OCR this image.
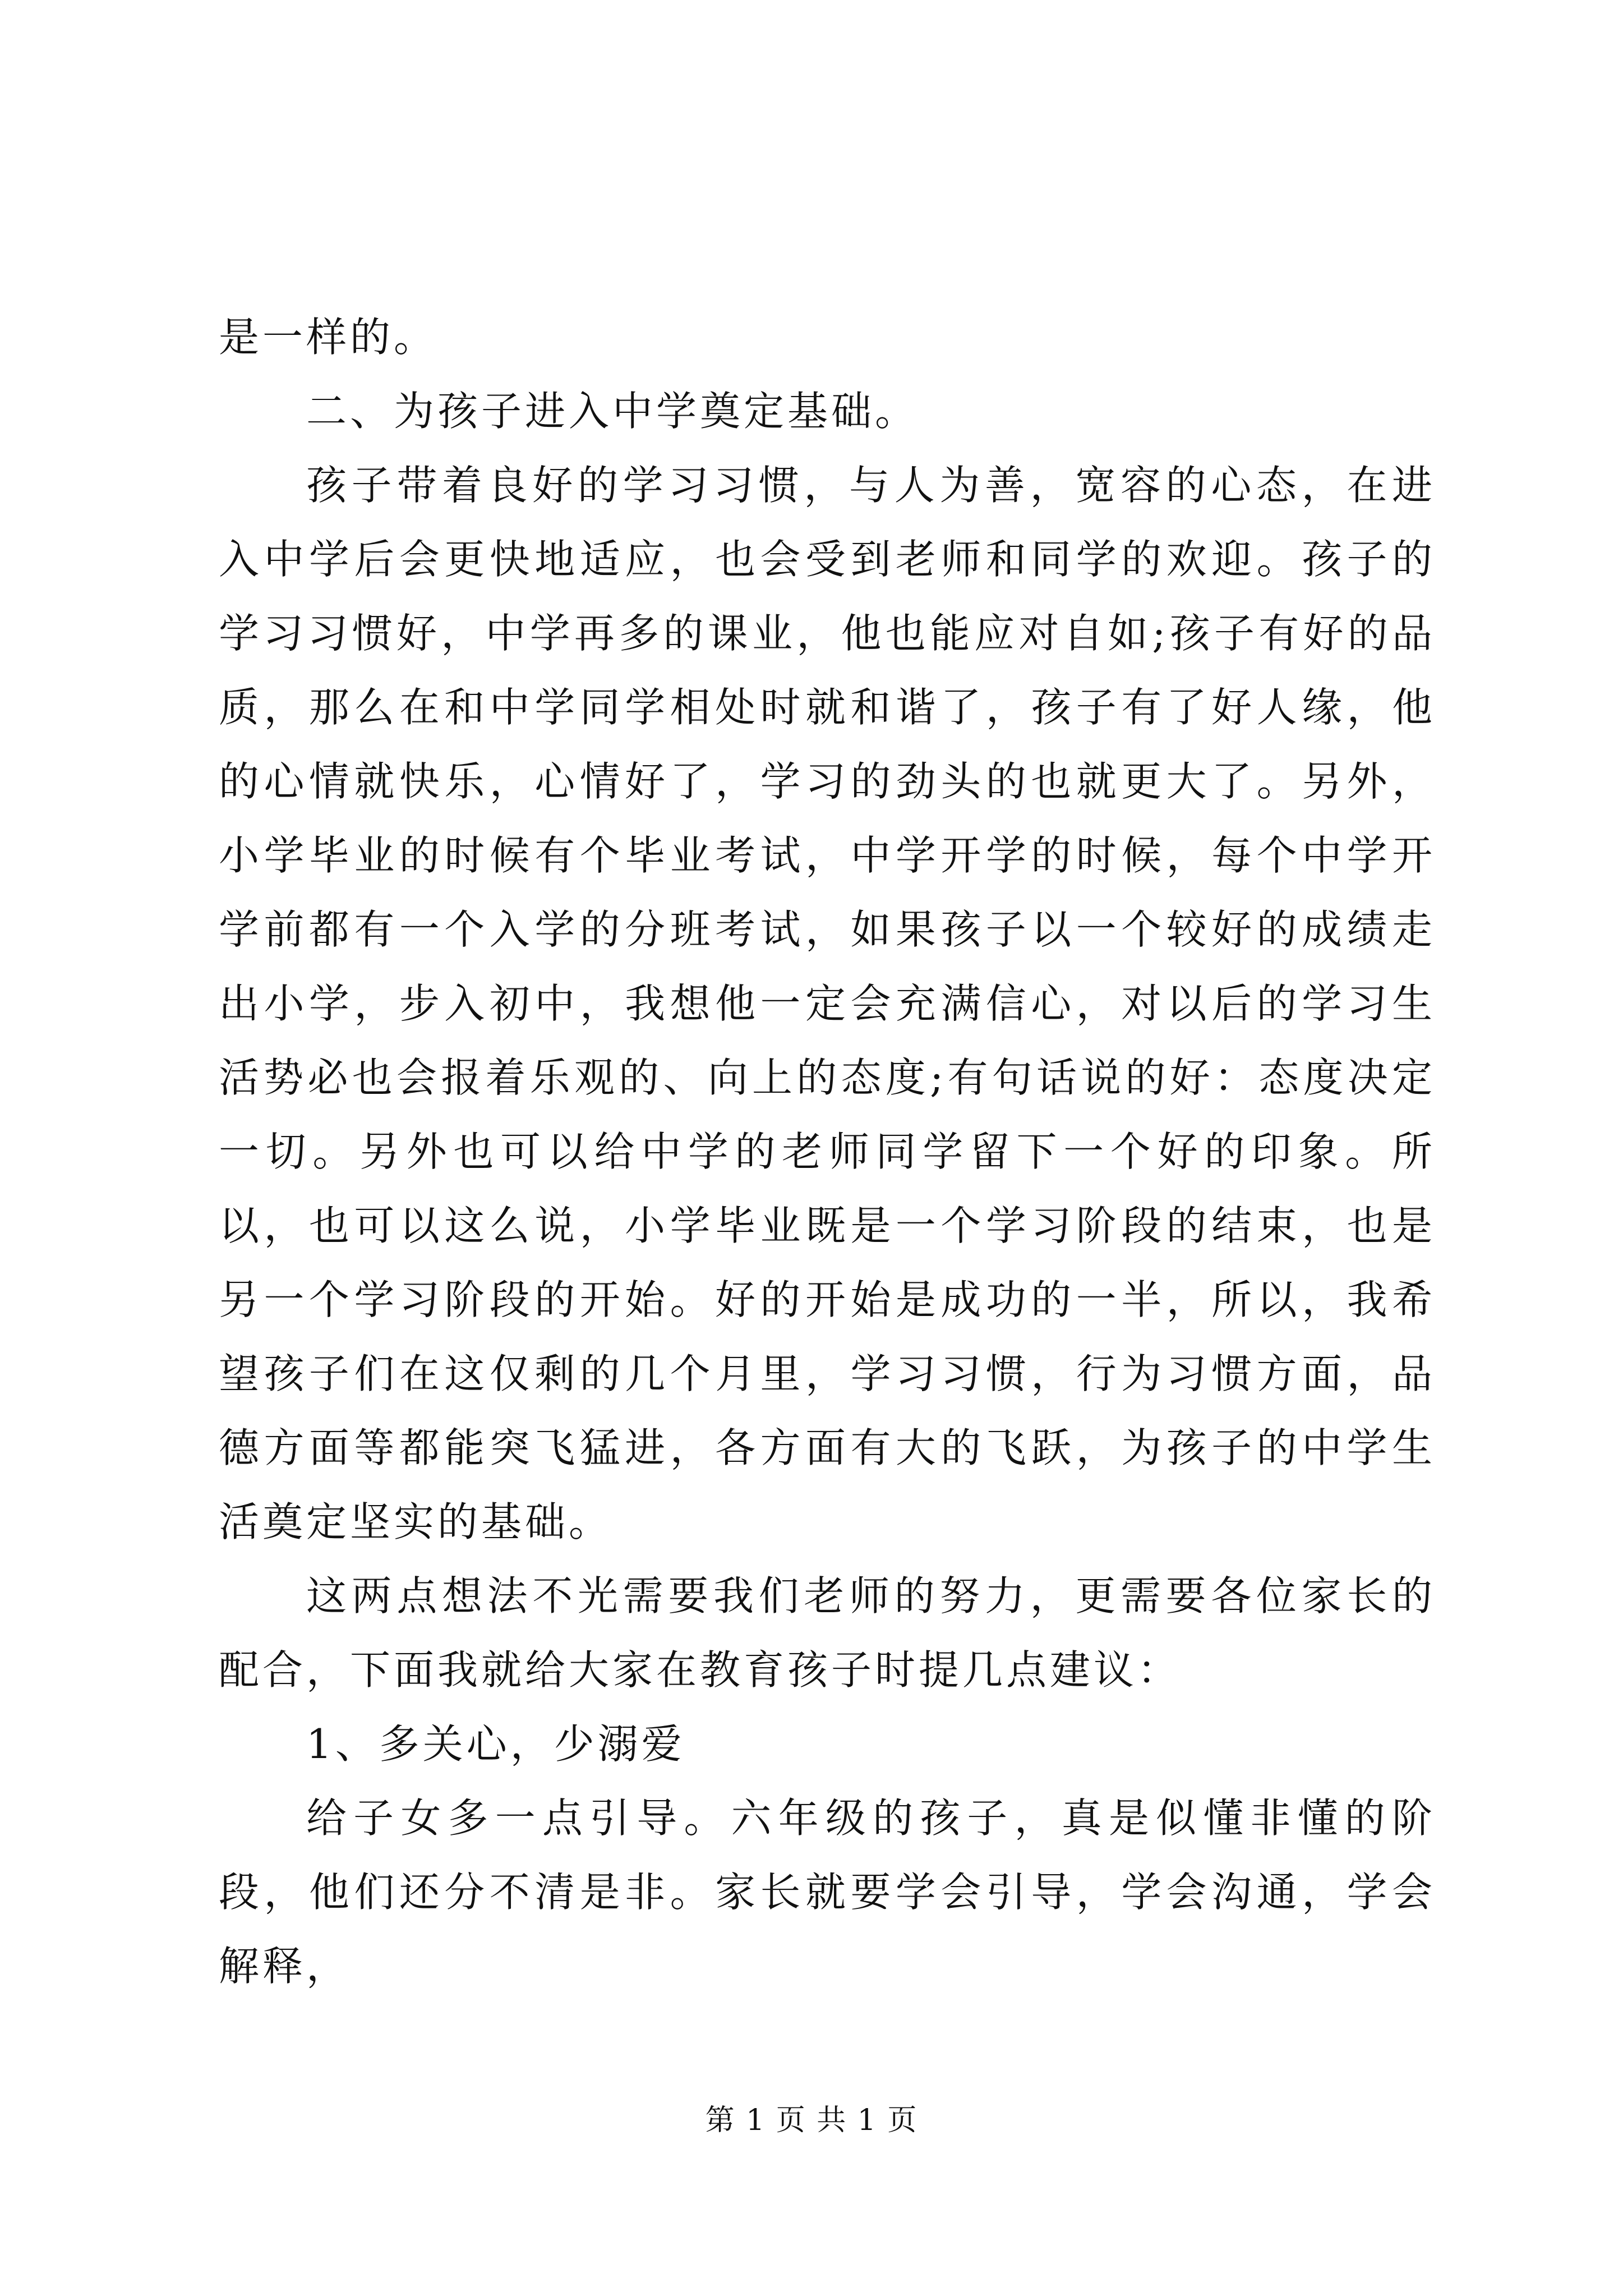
是一样的。

二、为孩子进入中学奠定基础。

孩子带着良好的学习习惯，与人为善，宽容的心态，在进入中学后会更快地适应，也会受到老师和同学的欢迎。孩子的学习习惯好，中学再多的课业，他也能应对自如;孩子有好的品质，那么在和中学同学相处时就和谐了，孩子有了好人缘，他的心情就快乐，心情好了，学习的劲头的也就更大了。另外，小学毕业的时候有个毕业考试，中学开学的时候，每个中学开学前都有一个入学的分班考试，如果孩子以一个较好的成绩走出小学，步入初中，我想他一定会充满信心，对以后的学习生活势必也会报着乐观的、向上的态度;有句话说的好：态度决定一切。另外也可以给中学的老师同学留下一个好的印象。所以，也可以这么说，小学毕业既是一个学习阶段的结束，也是另一个学习阶段的开始。好的开始是成功的一半，所以，我希望孩子们在这仅剩的几个月里，学习习惯，行为习惯方面，品德方面等都能突飞猛进，各方面有大的飞跃，为孩子的中学生活奠定坚实的基础。

这两点想法不光需要我们老师的努力，更需要各位家长的配合，下面我就给大家在教育孩子时提几点建议：

1、多关心，少溺爱

给子女多一点引导。六年级的孩子，真是似懂非懂的阶段，他们还分不清是非。家长就要学会引导，学会沟通，学会解释，

第 1 页 共 1 页
